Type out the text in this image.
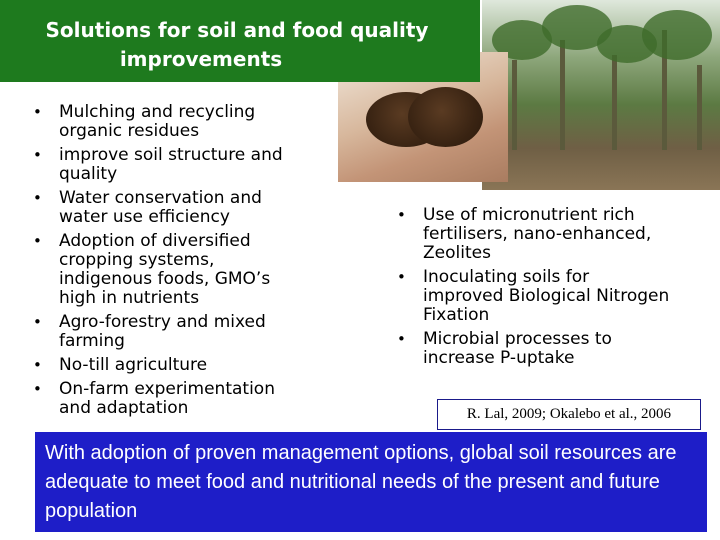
Solutions for soil and food quality
improvements
• Mulching and recycling organic residues
• improve soil structure and quality
• Water conservation and water use efficiency
• Adoption of diversified cropping systems, indigenous foods, GMO’s high in nutrients
• Agro-forestry and mixed farming
• No-till agriculture
• On-farm experimentation and adaptation
• Use of micronutrient rich fertilisers, nano-enhanced, Zeolites
• Inoculating soils for improved Biological Nitrogen Fixation
• Microbial processes to increase P-uptake
R. Lal, 2009; Okalebo et al., 2006
With adoption of proven management options, global soil resources are adequate to meet food and nutritional needs of the present and future population
